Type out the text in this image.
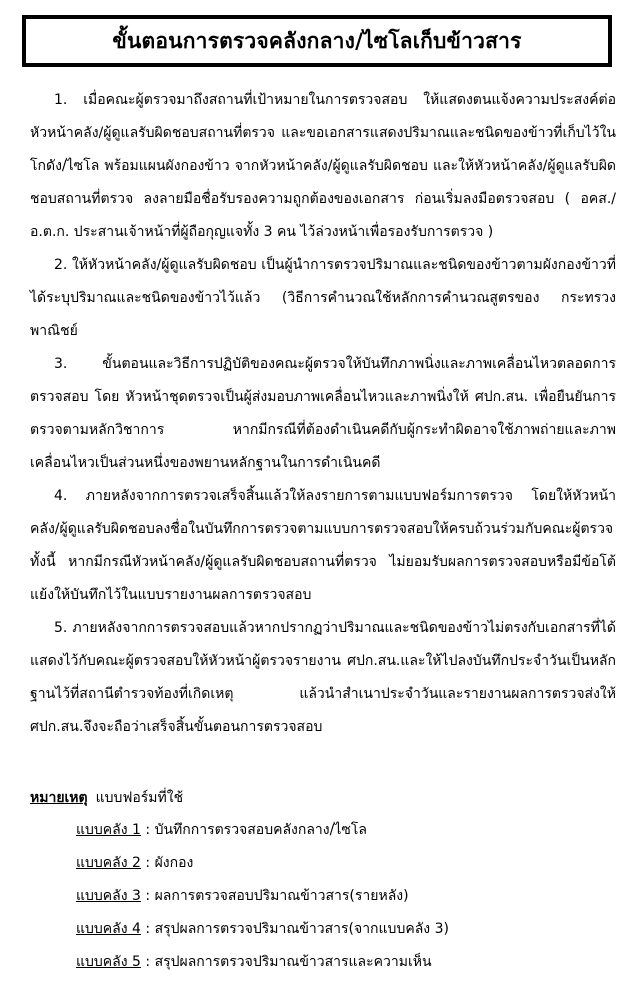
ขั้นตอนการตรวจคลังกลาง/ไซโลเก็บข้าวสาร

1. เมื่อคณะผู้ตรวจมาถึงสถานที่เป้าหมายในการตรวจสอบ ให้แสดงตนแจ้งความประสงค์ต่อหัวหน้าคลัง/ผู้ดูแลรับผิดชอบสถานที่ตรวจ และขอเอกสารแสดงปริมาณและชนิดของข้าวที่เก็บไว้ในโกดัง/ไซโล พร้อมแผนผังกองข้าว จากหัวหน้าคลัง/ผู้ดูแลรับผิดชอบ และให้หัวหน้าคลัง/ผู้ดูแลรับผิดชอบสถานที่ตรวจ ลงลายมือชื่อรับรองความถูกต้องของเอกสาร ก่อนเริ่มลงมือตรวจสอบ ( อคส./อ.ต.ก. ประสานเจ้าหน้าที่ผู้ถือกุญแจทั้ง 3 คน ไว้ล่วงหน้าเพื่อรองรับการตรวจ )

2. ให้หัวหน้าคลัง/ผู้ดูแลรับผิดชอบ เป็นผู้นำการตรวจปริมาณและชนิดของข้าวตามผังกองข้าวที่ได้ระบุปริมาณและชนิดของข้าวไว้แล้ว (วิธีการคำนวณใช้หลักการคำนวณสูตรของ กระทรวงพาณิชย์

3. ขั้นตอนและวิธีการปฏิบัติของคณะผู้ตรวจให้บันทึกภาพนิ่งและภาพเคลื่อนไหวตลอดการตรวจสอบ โดย หัวหน้าชุดตรวจเป็นผู้ส่งมอบภาพเคลื่อนไหวและภาพนิ่งให้ ศปก.สน. เพื่อยืนยันการตรวจตามหลักวิชาการ หากมีกรณีที่ต้องดำเนินคดีกับผู้กระทำผิดอาจใช้ภาพถ่ายและภาพเคลื่อนไหวเป็นส่วนหนึ่งของพยานหลักฐานในการดำเนินคดี

4. ภายหลังจากการตรวจเสร็จสิ้นแล้วให้ลงรายการตามแบบฟอร์มการตรวจ โดยให้หัวหน้าคลัง/ผู้ดูแลรับผิดชอบลงชื่อในบันทึกการตรวจตามแบบการตรวจสอบให้ครบถ้วนร่วมกับคณะผู้ตรวจ ทั้งนี้ หากมีกรณีหัวหน้าคลัง/ผู้ดูแลรับผิดชอบสถานที่ตรวจ ไม่ยอมรับผลการตรวจสอบหรือมีข้อโต้แย้งให้บันทึกไว้ในแบบรายงานผลการตรวจสอบ

5. ภายหลังจากการตรวจสอบแล้วหากปรากฏว่าปริมาณและชนิดของข้าวไม่ตรงกับเอกสารที่ได้แสดงไว้กับคณะผู้ตรวจสอบให้หัวหน้าผู้ตรวจรายงาน ศปก.สน.และให้ไปลงบันทึกประจำวันเป็นหลักฐานไว้ที่สถานีตำรวจท้องที่เกิดเหตุ แล้วนำสำเนาประจำวันและรายงานผลการตรวจส่งให้ ศปก.สน.จึงจะถือว่าเสร็จสิ้นขั้นตอนการตรวจสอบ

หมายเหตุ แบบฟอร์มที่ใช้
แบบคลัง 1 : บันทึกการตรวจสอบคลังกลาง/ไซโล
แบบคลัง 2 : ผังกอง
แบบคลัง 3 : ผลการตรวจสอบปริมาณข้าวสาร(รายหลัง)
แบบคลัง 4 : สรุปผลการตรวจปริมาณข้าวสาร(จากแบบคลัง 3)
แบบคลัง 5 : สรุปผลการตรวจปริมาณข้าวสารและความเห็น
